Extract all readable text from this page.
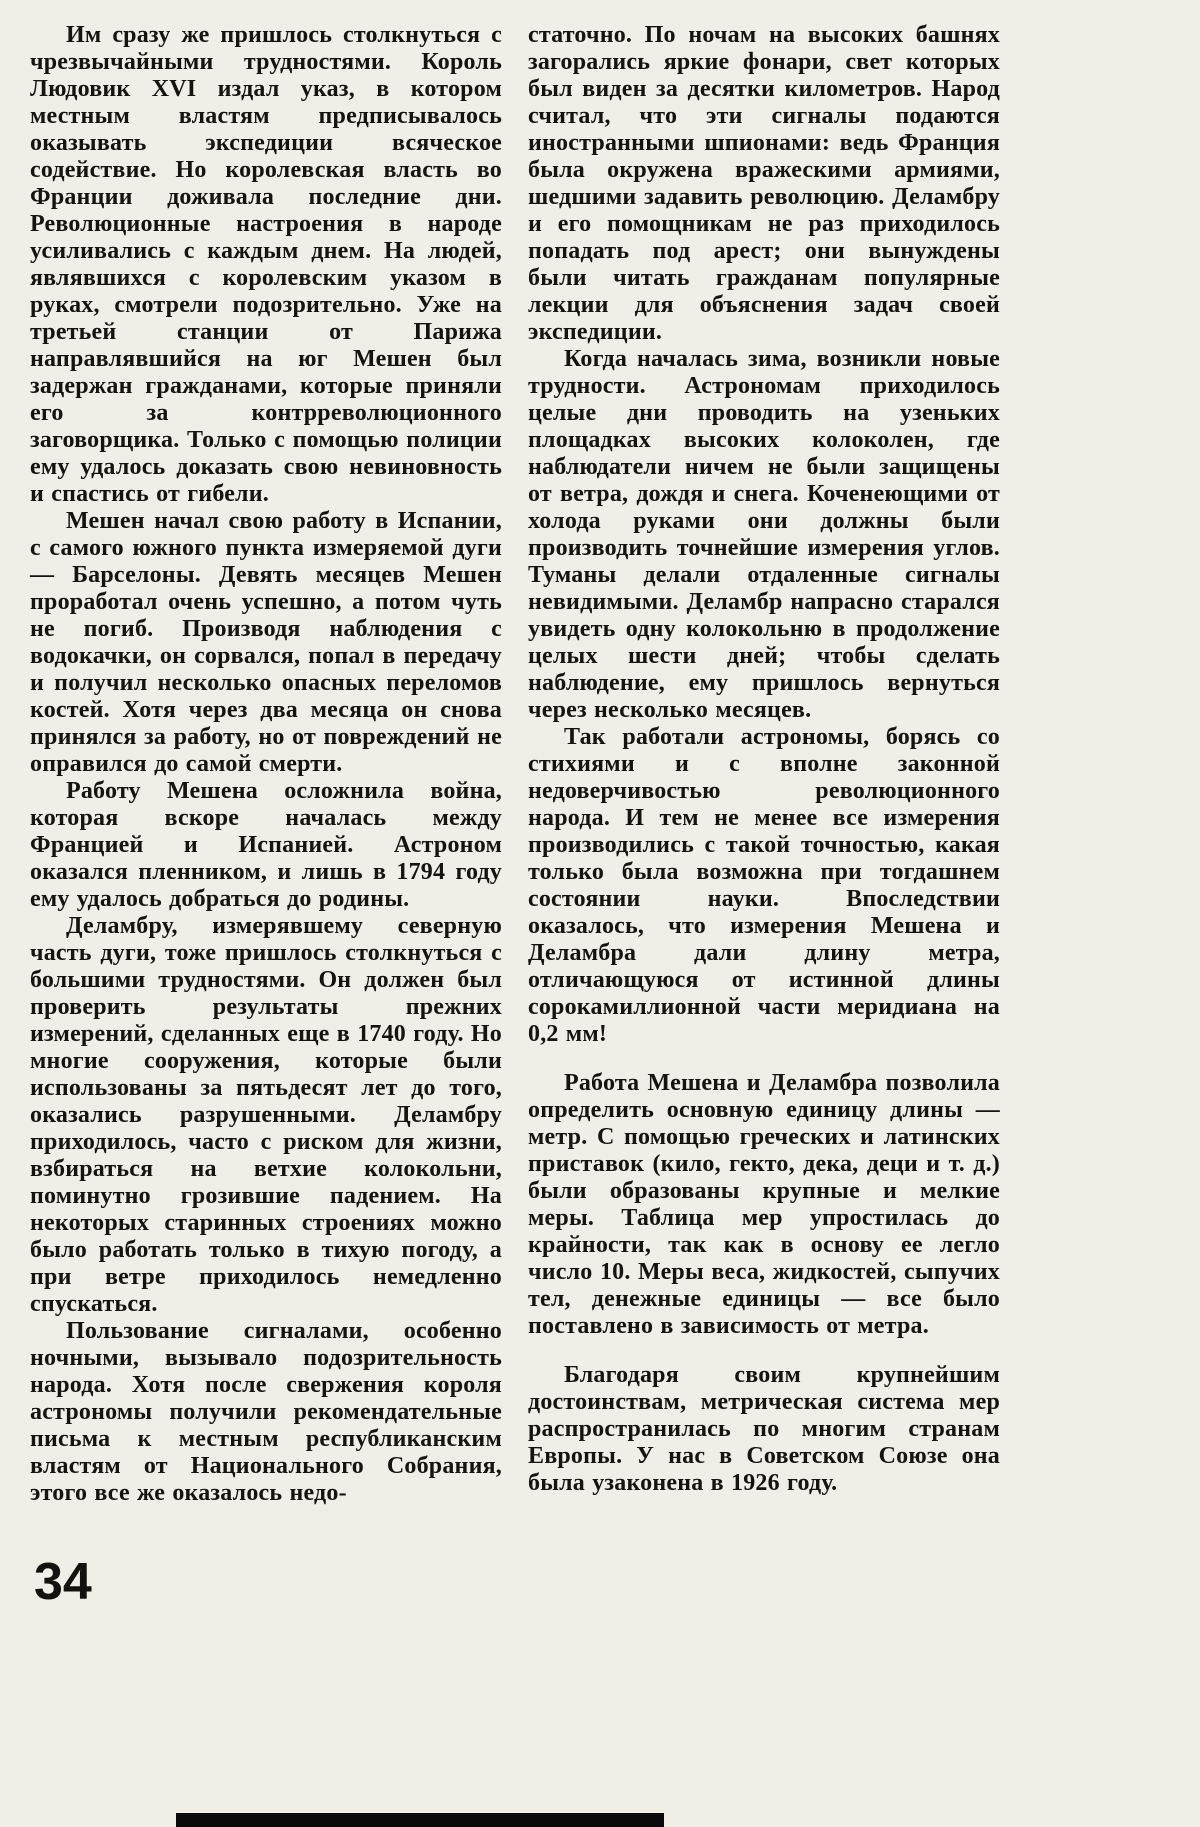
Им сразу же пришлось столкнуться с чрезвычайными трудностями. Король Людовик XVI издал указ, в котором местным властям предписывалось оказывать экспедиции всяческое содействие. Но королевская власть во Франции доживала последние дни. Революционные настроения в народе усиливались с каждым днем. На людей, являвшихся с королевским указом в руках, смотрели подозрительно. Уже на третьей станции от Парижа направлявшийся на юг Мешен был задержан гражданами, которые приняли его за контрреволюционного заговорщика. Только с помощью полиции ему удалось доказать свою невиновность и спастись от гибели.

Мешен начал свою работу в Испании, с самого южного пункта измеряемой дуги — Барселоны. Девять месяцев Мешен проработал очень успешно, а потом чуть не погиб. Производя наблюдения с водокачки, он сорвался, попал в передачу и получил несколько опасных переломов костей. Хотя через два месяца он снова принялся за работу, но от повреждений не оправился до самой смерти.

Работу Мешена осложнила война, которая вскоре началась между Францией и Испанией. Астроном оказался пленником, и лишь в 1794 году ему удалось добраться до родины.

Деламбру, измерявшему северную часть дуги, тоже пришлось столкнуться с большими трудностями. Он должен был проверить результаты прежних измерений, сделанных еще в 1740 году. Но многие сооружения, которые были использованы за пятьдесят лет до того, оказались разрушенными. Деламбру приходилось, часто с риском для жизни, взбираться на ветхие колокольни, поминутно грозившие падением. На некоторых старинных строениях можно было работать только в тихую погоду, а при ветре приходилось немедленно спускаться.

Пользование сигналами, особенно ночными, вызывало подозрительность народа. Хотя после свержения короля астрономы получили рекомендательные письма к местным республиканским властям от Национального Собрания, этого все же оказалось недо-

статочно. По ночам на высоких башнях загорались яркие фонари, свет которых был виден за десятки километров. Народ считал, что эти сигналы подаются иностранными шпионами: ведь Франция была окружена вражескими армиями, шедшими задавить революцию. Деламбру и его помощникам не раз приходилось попадать под арест; они вынуждены были читать гражданам популярные лекции для объяснения задач своей экспедиции.

Когда началась зима, возникли новые трудности. Астрономам приходилось целые дни проводить на узеньких площадках высоких колоколен, где наблюдатели ничем не были защищены от ветра, дождя и снега. Коченеющими от холода руками они должны были производить точнейшие измерения углов. Туманы делали отдаленные сигналы невидимыми. Деламбр напрасно старался увидеть одну колокольню в продолжение целых шести дней; чтобы сделать наблюдение, ему пришлось вернуться через несколько месяцев.

Так работали астрономы, борясь со стихиями и с вполне законной недоверчивостью революционного народа. И тем не менее все измерения производились с такой точностью, какая только была возможна при тогдашнем состоянии науки. Впоследствии оказалось, что измерения Мешена и Деламбра дали длину метра, отличающуюся от истинной длины сорокамиллионной части меридиана на 0,2 мм!

Работа Мешена и Деламбра позволила определить основную единицу длины — метр. С помощью греческих и латинских приставок (кило, гекто, дека, деци и т. д.) были образованы крупные и мелкие меры. Таблица мер упростилась до крайности, так как в основу ее легло число 10. Меры веса, жидкостей, сыпучих тел, денежные единицы — все было поставлено в зависимость от метра.

Благодаря своим крупнейшим достоинствам, метрическая система мер распространилась по многим странам Европы. У нас в Советском Союзе она была узаконена в 1926 году.

34
